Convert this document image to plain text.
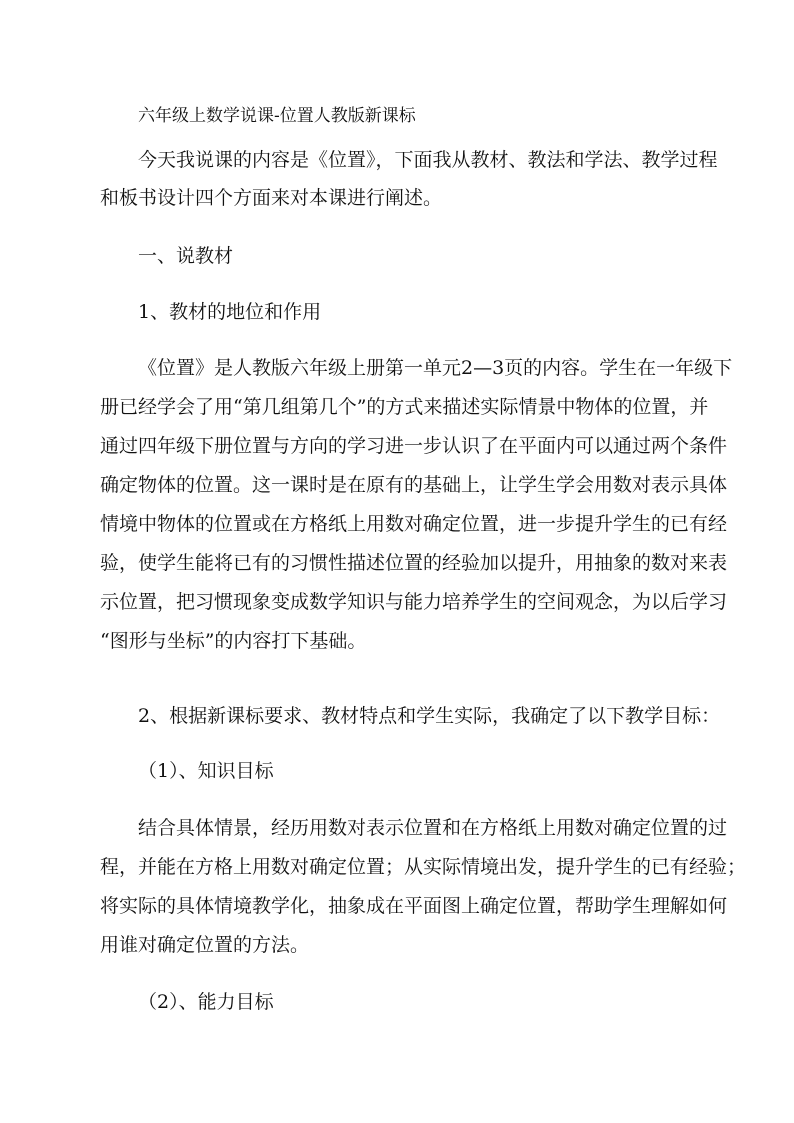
六年级上数学说课-位置人教版新课标
今天我说课的内容是《位置》，下面我从教材、教法和学法、教学过程
和板书设计四个方面来对本课进行阐述。
一、说教材
1、教材的地位和作用
《位置》是人教版六年级上册第一单元2—3页的内容。学生在一年级下
册已经学会了用“第几组第几个”的方式来描述实际情景中物体的位置，并
通过四年级下册位置与方向的学习进一步认识了在平面内可以通过两个条件
确定物体的位置。这一课时是在原有的基础上，让学生学会用数对表示具体
情境中物体的位置或在方格纸上用数对确定位置，进一步提升学生的已有经
验，使学生能将已有的习惯性描述位置的经验加以提升，用抽象的数对来表
示位置，把习惯现象变成数学知识与能力培养学生的空间观念，为以后学习
“图形与坐标”的内容打下基础。
2、根据新课标要求、教材特点和学生实际，我确定了以下教学目标：
（1）、知识目标
结合具体情景，经历用数对表示位置和在方格纸上用数对确定位置的过
程，并能在方格上用数对确定位置；从实际情境出发，提升学生的已有经验；
将实际的具体情境教学化，抽象成在平面图上确定位置，帮助学生理解如何
用谁对确定位置的方法。
（2）、能力目标
